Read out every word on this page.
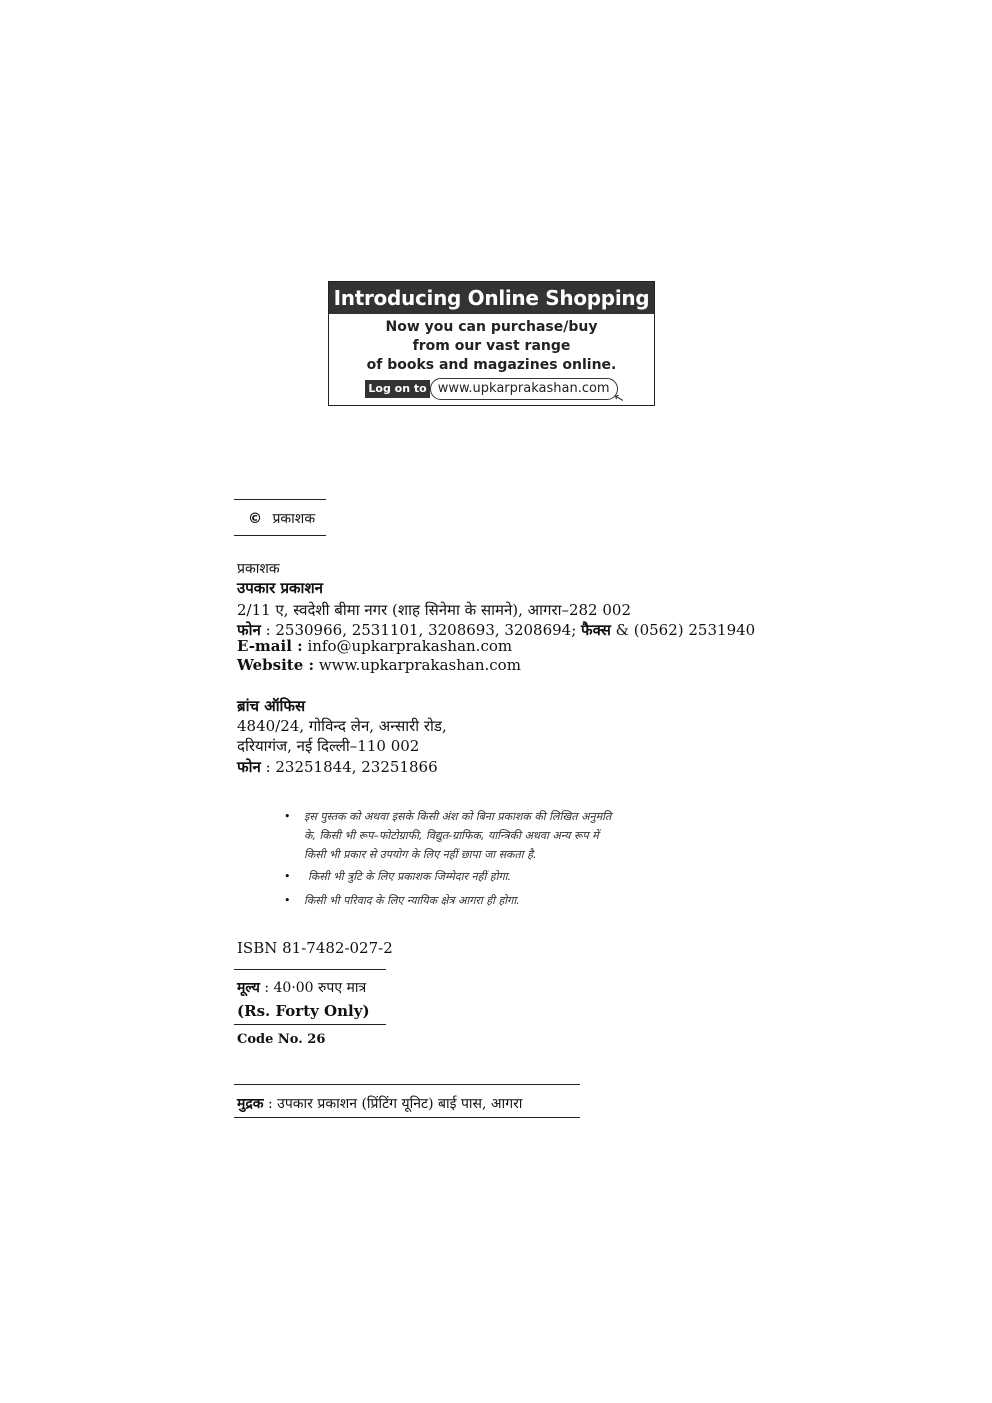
Introducing Online Shopping
Now you can purchase/buy
from our vast range
of books and magazines online.
Log on to www.upkarprakashan.com
↖
© प्रकाशक
प्रकाशक
उपकार प्रकाशन
2/11 ए, स्वदेशी बीमा नगर (शाह सिनेमा के सामने), आगरा–282 002
फोन : 2530966, 2531101, 3208693, 3208694; फैक्स & (0562) 2531940
E-mail : info@upkarprakashan.com
Website : www.upkarprakashan.com
ब्रांच ऑफिस
4840/24, गोविन्द लेन, अन्सारी रोड,
दरियागंज, नई दिल्ली–110 002
फोन : 23251844, 23251866
• इस पुस्तक को अथवा इसके किसी अंश को बिना प्रकाशक की लिखित अनुमति
के, किसी भी रूप–फोटोग्राफी, विद्युत-ग्राफिक, यान्त्रिकी अथवा अन्य रूप में
किसी भी प्रकार से उपयोग के लिए नहीं छापा जा सकता है.
• किसी भी त्रुटि के लिए प्रकाशक जिम्मेदार नहीं होगा.
• किसी भी परिवाद के लिए न्यायिक क्षेत्र आगरा ही होगा.
ISBN 81-7482-027-2
मूल्य : 40·00 रुपए मात्र
(Rs. Forty Only)
Code No. 26
मुद्रक : उपकार प्रकाशन (प्रिंटिंग यूनिट) बाई पास, आगरा
